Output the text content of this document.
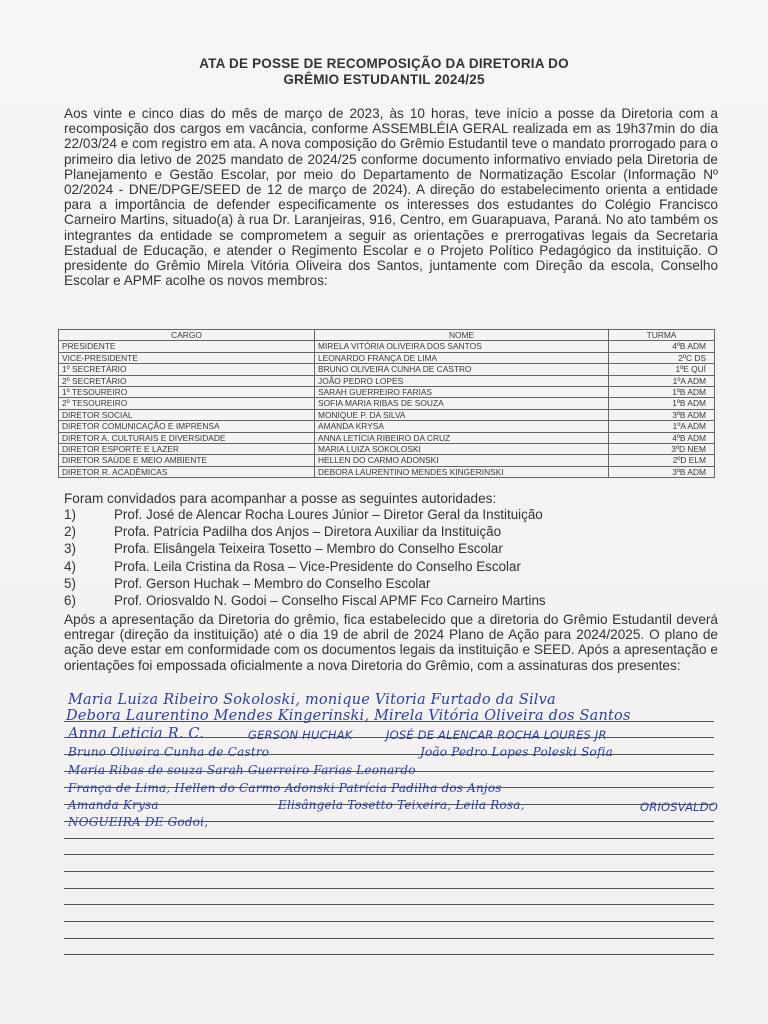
ATA DE POSSE DE RECOMPOSIÇÃO DA DIRETORIA DO
GRÊMIO ESTUDANTIL 2024/25
Aos vinte e cinco dias do mês de março de 2023, às 10 horas, teve início a posse da Diretoria com a recomposição dos cargos em vacância, conforme ASSEMBLÉIA GERAL realizada em as 19h37min do dia 22/03/24 e com registro em ata. A nova composição do Grêmio Estudantil teve o mandato prorrogado para o primeiro dia letivo de 2025 mandato de 2024/25 conforme documento informativo enviado pela Diretoria de Planejamento e Gestão Escolar, por meio do Departamento de Normatização Escolar (Informação Nº 02/2024 - DNE/DPGE/SEED de 12 de março de 2024). A direção do estabelecimento orienta a entidade para a importância de defender especificamente os interesses dos estudantes do Colégio Francisco Carneiro Martins, situado(a) à rua Dr. Laranjeiras, 916, Centro, em Guarapuava, Paraná. No ato também os integrantes da entidade se comprometem a seguir as orientações e prerrogativas legais da Secretaria Estadual de Educação, e atender o Regimento Escolar e o Projeto Político Pedagógico da instituição. O presidente do Grêmio Mirela Vitória Oliveira dos Santos, juntamente com Direção da escola, Conselho Escolar e APMF acolhe os novos membros:
CARGO	NOME	TURMA
PRESIDENTE	MIRELA VITÓRIA OLIVEIRA DOS SANTOS	4ºB ADM
VICE-PRESIDENTE	LEONARDO FRANÇA DE LIMA	2ºC DS
1º SECRETÁRIO	BRUNO OLIVEIRA CUNHA DE CASTRO	1ºE QUÍ
2º SECRETÁRIO	JOÃO PEDRO LOPES	1ºA ADM
1º TESOUREIRO	SARAH GUERREIRO FARIAS	1ºB ADM
2º TESOUREIRO	SOFIA MARIA RIBAS DE SOUZA	1ºB ADM
DIRETOR SOCIAL	MONIQUE P. DA SILVA	3ºB ADM
DIRETOR COMUNICAÇÃO E IMPRENSA	AMANDA KRYSA	1ºA ADM
DIRETOR A. CULTURAIS E DIVERSIDADE	ANNA LETÍCIA RIBEIRO DA CRUZ	4ºB ADM
DIRETOR ESPORTE E LAZER	MARIA LUIZA SOKOLOSKI	3ºD NEM
DIRETOR SAÚDE E MEIO AMBIENTE	HELLEN DO CARMO ADONSKI	2ºD ELM
DIRETOR R. ACADÊMICAS	DEBORA LAURENTINO MENDES KINGERINSKI	3ºB ADM
Foram convidados para acompanhar a posse as seguintes autoridades:
1)	Prof. José de Alencar Rocha Loures Júnior – Diretor Geral da Instituição
2)	Profa. Patrícia Padilha dos Anjos – Diretora Auxiliar da Instituição
3)	Profa. Elisângela Teixeira Tosetto – Membro do Conselho Escolar
4)	Profa. Leila Cristina da Rosa – Vice-Presidente do Conselho Escolar
5)	Prof. Gerson Huchak – Membro do Conselho Escolar
6)	Prof. Oriosvaldo N. Godoi – Conselho Fiscal APMF Fco Carneiro Martins
Após a apresentação da Diretoria do grêmio, fica estabelecido que a diretoria do Grêmio Estudantil deverá entregar (direção da instituição) até o dia 19 de abril de 2024 Plano de Ação para 2024/2025. O plano de ação deve estar em conformidade com os documentos legais da instituição e SEED. Após a apresentação e orientações foi empossada oficialmente a nova Diretoria do Grêmio, com a assinaturas dos presentes:
Maria Luiza Ribeiro Sokoloski, monique Vitoria Furtado da Silva
Debora Laurentino Mendes Kingerinski, Mirela Vitória Oliveira dos Santos
Anna Leticia R. C.	GERSON HUCHAK	JOSÉ DE ALENCAR ROCHA LOURES JR
Bruno Oliveira Cunha de Castro	João Pedro Lopes Poleski Sofia
Maria Ribas de souza Sarah Guerreiro Farias Leonardo
França de Lima, Hellen do Carmo Adonski Patrícia Padilha dos Anjos
Amanda Krysa	Elisângela Tosetto Teixeira, Leila Rosa,	ORIOSVALDO
NOGUEIRA DE Godoi,
